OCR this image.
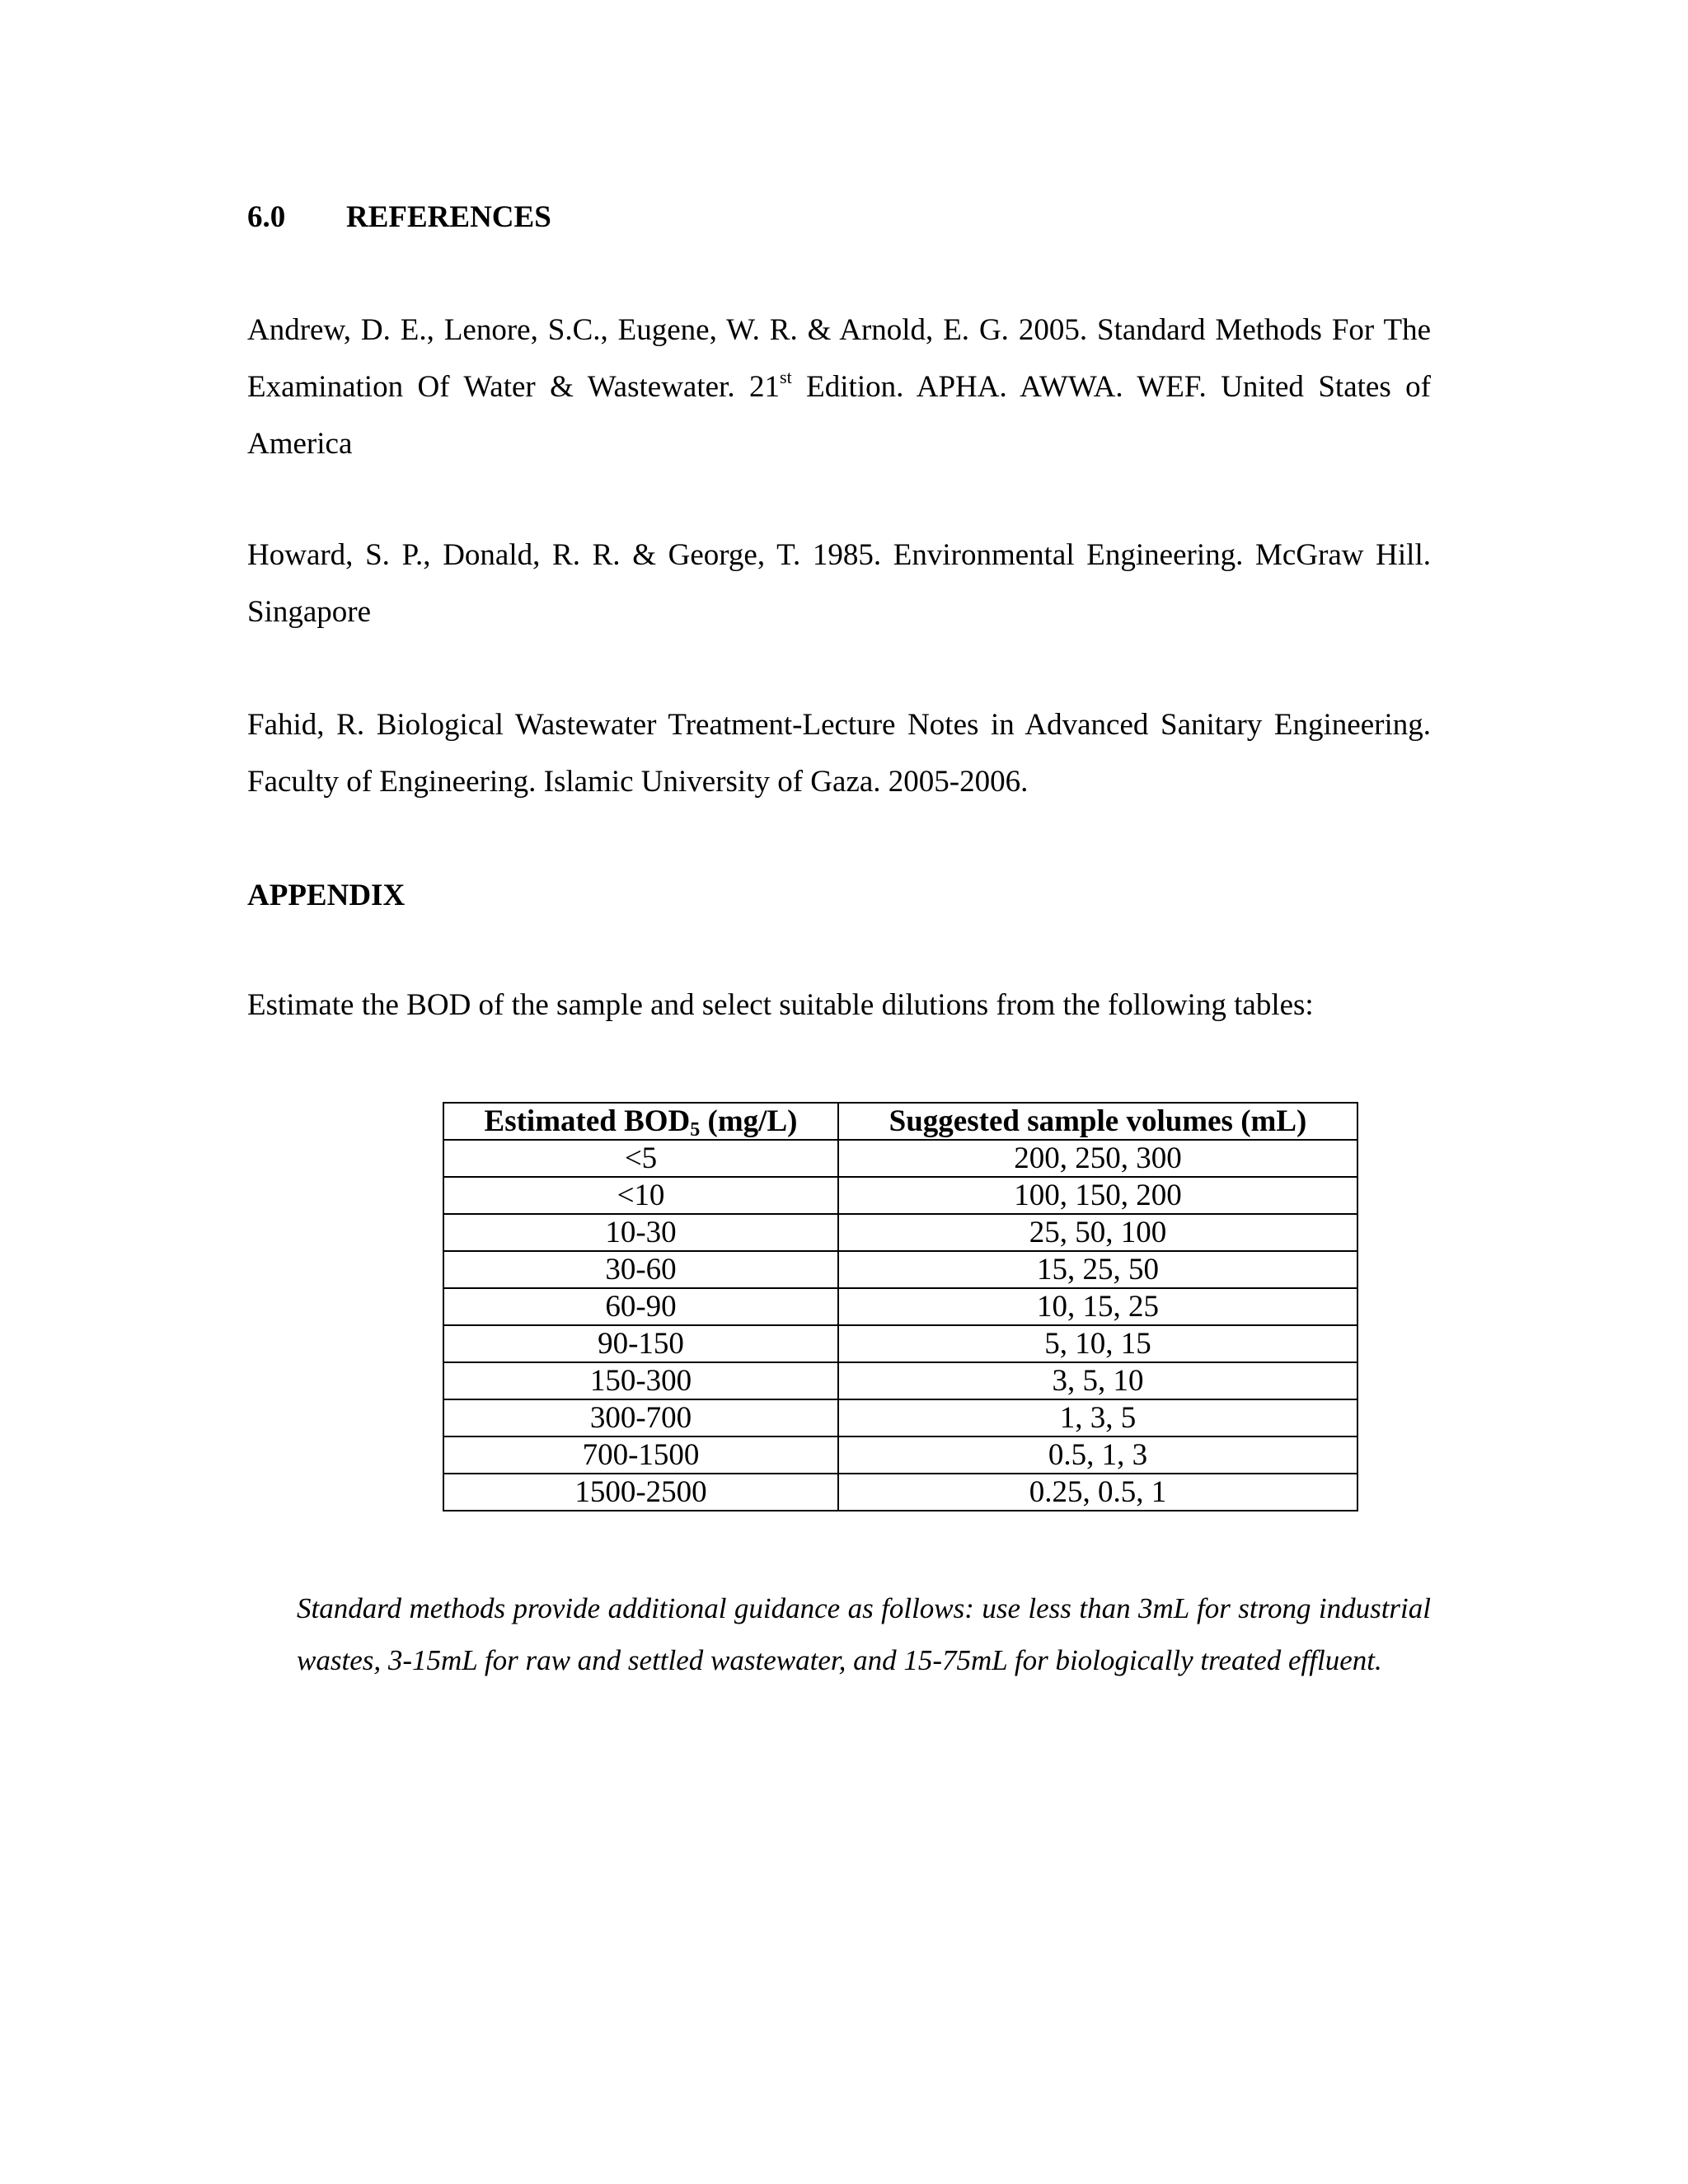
6.0 REFERENCES
Andrew, D. E., Lenore, S.C., Eugene, W. R. & Arnold, E. G. 2005. Standard Methods For The Examination Of Water & Wastewater. 21st Edition. APHA. AWWA. WEF. United States of America
Howard, S. P., Donald, R. R. & George, T. 1985. Environmental Engineering. McGraw Hill. Singapore
Fahid, R. Biological Wastewater Treatment-Lecture Notes in Advanced Sanitary Engineering. Faculty of Engineering. Islamic University of Gaza. 2005-2006.
APPENDIX
Estimate the BOD of the sample and select suitable dilutions from the following tables:
Estimated $BOD_5$ (mg/L)	Suggested sample volumes (mL)
<5	200, 250, 300
<10	100, 150, 200
10-30	25, 50, 100
30-60	15, 25, 50
60-90	10, 15, 25
90-150	5, 10, 15
150-300	3, 5, 10
300-700	1, 3, 5
700-1500	0.5, 1, 3
1500-2500	0.25, 0.5, 1
Standard methods provide additional guidance as follows: use less than 3mL for strong industrial wastes, 3-15mL for raw and settled wastewater, and 15-75mL for biologically treated effluent.
